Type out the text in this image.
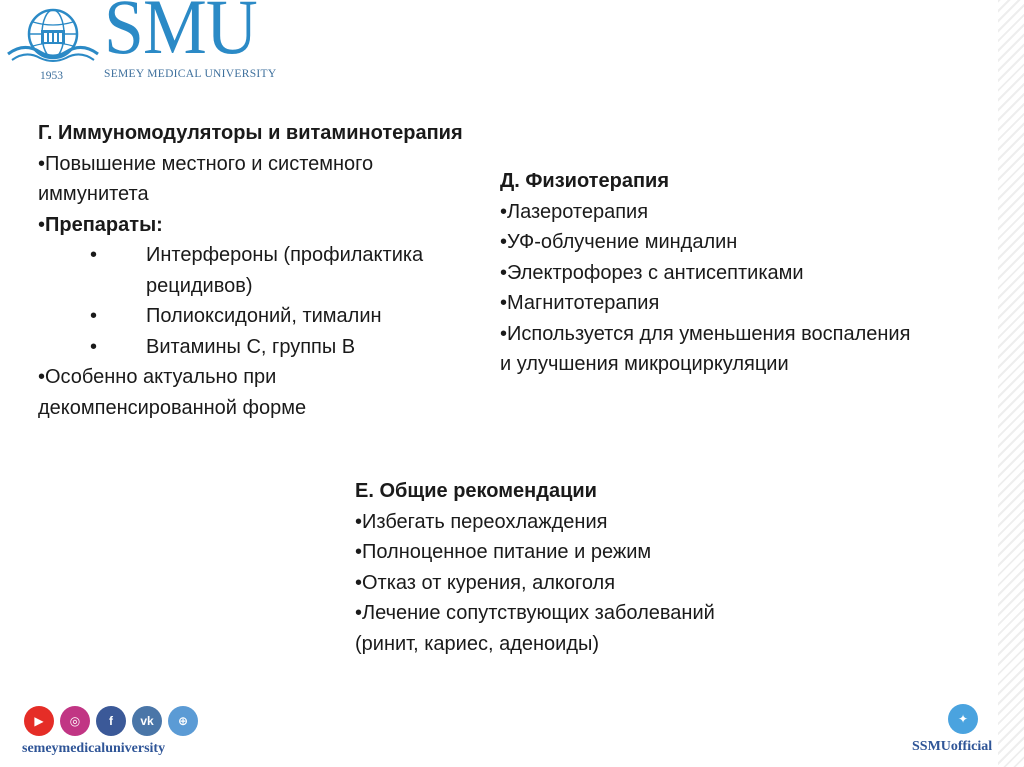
SMU
1953	SEMEY MEDICAL UNIVERSITY
Г. Иммуномодуляторы и витаминотерапия
•Повышение местного и системного
иммунитета
•Препараты:
•	Интерфероны (профилактика
рецидивов)
•	Полиоксидоний, тималин
•	Витамины С, группы В
•Особенно актуально при
декомпенсированной форме
Д. Физиотерапия
•Лазеротерапия
•УФ-облучение миндалин
•Электрофорез с антисептиками
•Магнитотерапия
•Используется для уменьшения воспаления
и улучшения микроциркуляции
Е. Общие рекомендации
•Избегать переохлаждения
•Полноценное питание и режим
•Отказ от курения, алкоголя
•Лечение сопутствующих заболеваний
(ринит, кариес, аденоиды)
▶	◎	f	vk	⊕
semeymedicaluniversity
✦
SSMUofficial
